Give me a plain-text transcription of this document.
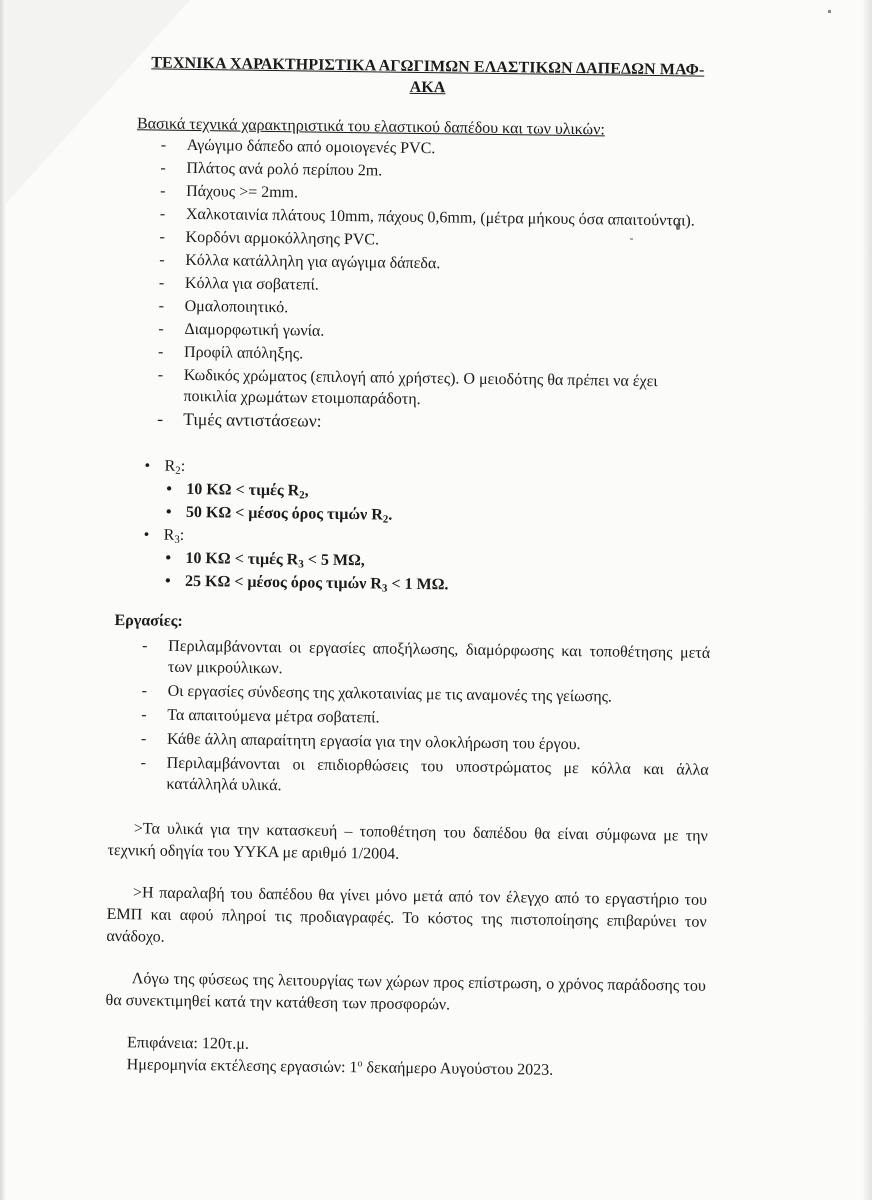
ΤΕΧΝΙΚΑ ΧΑΡΑΚΤΗΡΙΣΤΙΚΑ ΑΓΩΓΙΜΩΝ ΕΛΑΣΤΙΚΩΝ ΔΑΠΕΔΩΝ ΜΑΦ-ΑΚΑ
Βασικά τεχνικά χαρακτηριστικά του ελαστικού δαπέδου και των υλικών:
- Αγώγιμο δάπεδο από ομοιογενές PVC.
- Πλάτος ανά ρολό περίπου 2m.
- Πάχους >= 2mm.
- Χαλκοταινία πλάτους 10mm, πάχους 0,6mm, (μέτρα μήκους όσα απαιτούνται).
- Κορδόνι αρμοκόλλησης PVC.
- Κόλλα κατάλληλη για αγώγιμα δάπεδα.
- Κόλλα για σοβατεπί.
- Ομαλοποιητικό.
- Διαμορφωτική γωνία.
- Προφίλ απόληξης.
- Κωδικός χρώματος (επιλογή από χρήστες). Ο μειοδότης θα πρέπει να έχει ποικιλία χρωμάτων ετοιμοπαράδοτη.
- Τιμές αντιστάσεων:
• $R_2$:
• 10 ΚΩ < τιμές $R_2$,
• 50 ΚΩ < μέσος όρος τιμών $R_2$.
• $R_3$:
• 10 ΚΩ < τιμές $R_3 < 5$ ΜΩ,
• 25 ΚΩ < μέσος όρος τιμών $R_3 < 1$ ΜΩ.
Εργασίες:
- Περιλαμβάνονται οι εργασίες αποξήλωσης, διαμόρφωσης και τοποθέτησης μετά των μικρούλικων.
- Οι εργασίες σύνδεσης της χαλκοταινίας με τις αναμονές της γείωσης.
- Τα απαιτούμενα μέτρα σοβατεπί.
- Κάθε άλλη απαραίτητη εργασία για την ολοκλήρωση του έργου.
- Περιλαμβάνονται οι επιδιορθώσεις του υποστρώματος με κόλλα και άλλα κατάλληλά υλικά.

>Τα υλικά για την κατασκευή – τοποθέτηση του δαπέδου θα είναι σύμφωνα με την τεχνική οδηγία του ΥΥΚΑ με αριθμό 1/2004.

>Η παραλαβή του δαπέδου θα γίνει μόνο μετά από τον έλεγχο από το εργαστήριο του ΕΜΠ και αφού πληροί τις προδιαγραφές. Το κόστος της πιστοποίησης επιβαρύνει τον ανάδοχο.

Λόγω της φύσεως της λειτουργίας των χώρων προς επίστρωση, ο χρόνος παράδοσης του θα συνεκτιμηθεί κατά την κατάθεση των προσφορών.

Επιφάνεια: 120τ.μ.
Ημερομηνία εκτέλεσης εργασιών: $1^o$ δεκαήμερο Αυγούστου 2023.
